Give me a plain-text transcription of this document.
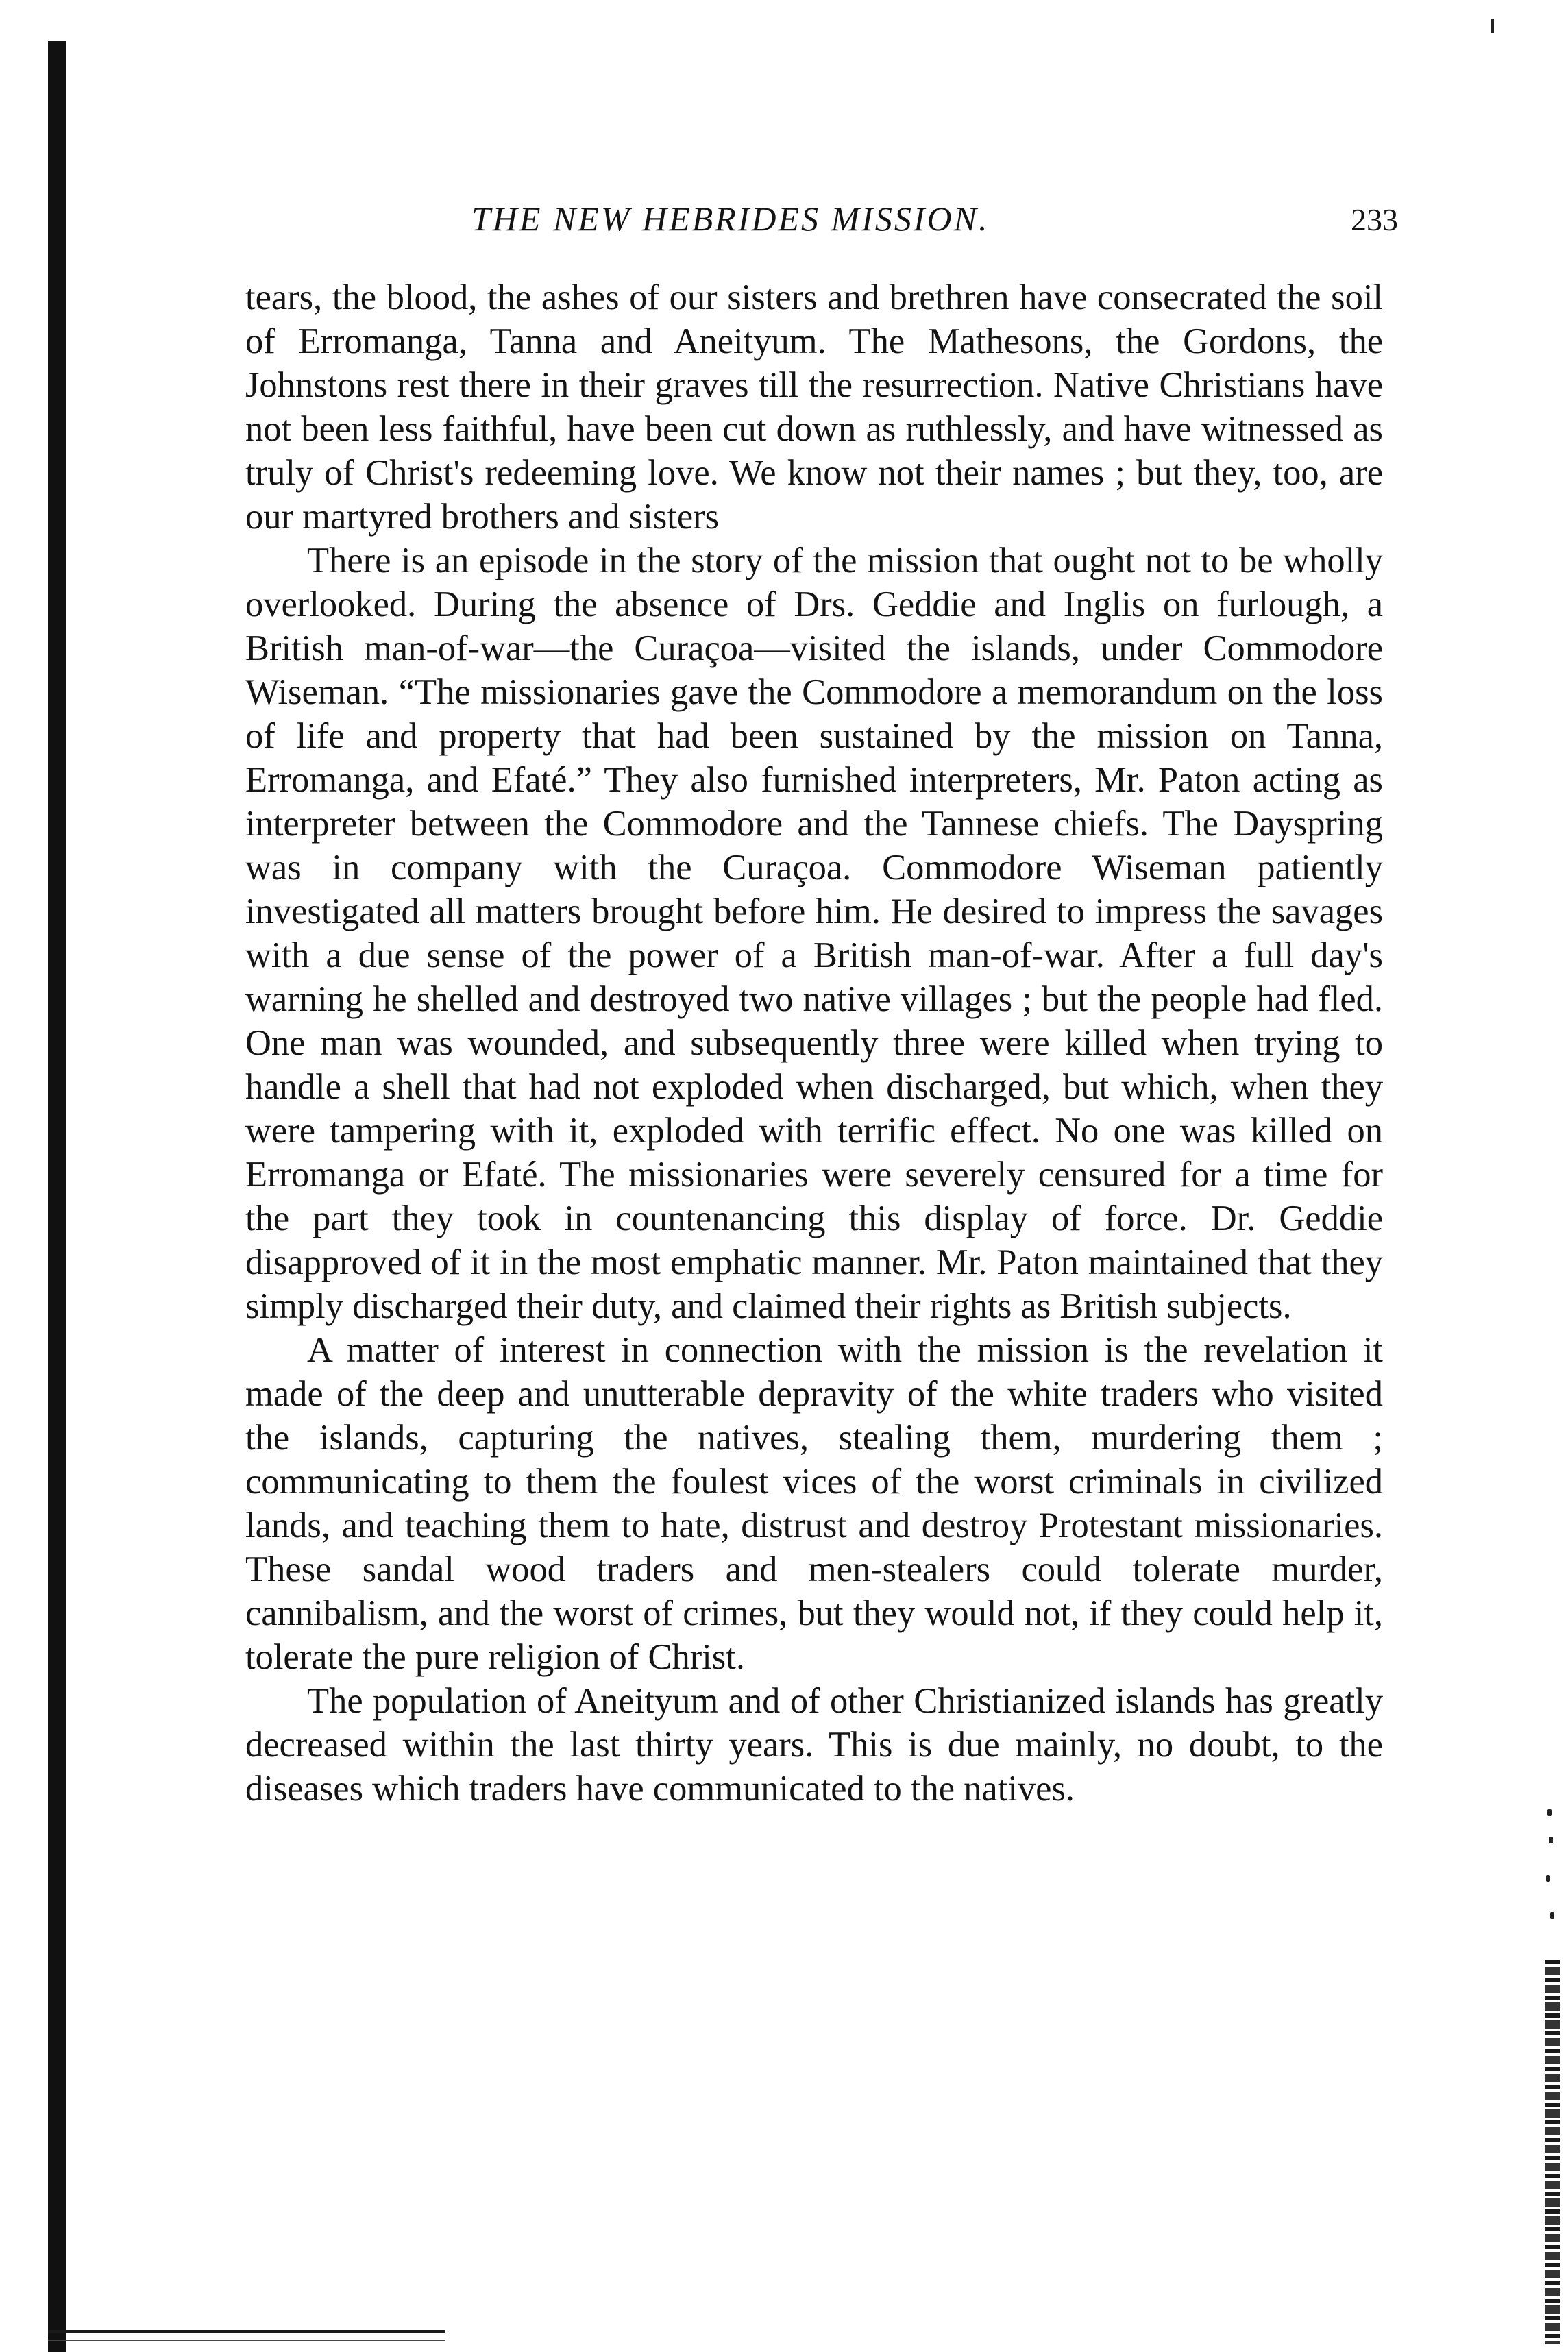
THE NEW HEBRIDES MISSION.	233

tears, the blood, the ashes of our sisters and brethren have consecrated the soil of Erromanga, Tanna and Aneityum. The Mathesons, the Gordons, the Johnstons rest there in their graves till the resurrection. Native Christians have not been less faithful, have been cut down as ruthlessly, and have witnessed as truly of Christ's redeeming love. We know not their names ; but they, too, are our martyred brothers and sisters

There is an episode in the story of the mission that ought not to be wholly overlooked. During the absence of Drs. Geddie and Inglis on furlough, a British man-of-war—the Curaçoa—visited the islands, under Commodore Wiseman. “The missionaries gave the Commodore a memorandum on the loss of life and property that had been sustained by the mission on Tanna, Erromanga, and Efaté.” They also furnished interpreters, Mr. Paton acting as interpreter between the Commodore and the Tannese chiefs. The Dayspring was in company with the Curaçoa. Commodore Wiseman patiently investigated all matters brought before him. He desired to impress the savages with a due sense of the power of a British man-of-war. After a full day's warning he shelled and destroyed two native villages ; but the people had fled. One man was wounded, and subsequently three were killed when trying to handle a shell that had not exploded when discharged, but which, when they were tampering with it, exploded with terrific effect. No one was killed on Erromanga or Efaté. The missionaries were severely censured for a time for the part they took in countenancing this display of force. Dr. Geddie disapproved of it in the most emphatic manner. Mr. Paton maintained that they simply discharged their duty, and claimed their rights as British subjects.

A matter of interest in connection with the mission is the revelation it made of the deep and unutterable depravity of the white traders who visited the islands, capturing the natives, stealing them, murdering them ; communicating to them the foulest vices of the worst criminals in civilized lands, and teaching them to hate, distrust and destroy Protestant missionaries. These sandal wood traders and men-stealers could tolerate murder, cannibalism, and the worst of crimes, but they would not, if they could help it, tolerate the pure religion of Christ.

The population of Aneityum and of other Christianized islands has greatly decreased within the last thirty years. This is due mainly, no doubt, to the diseases which traders have communicated to the natives.
